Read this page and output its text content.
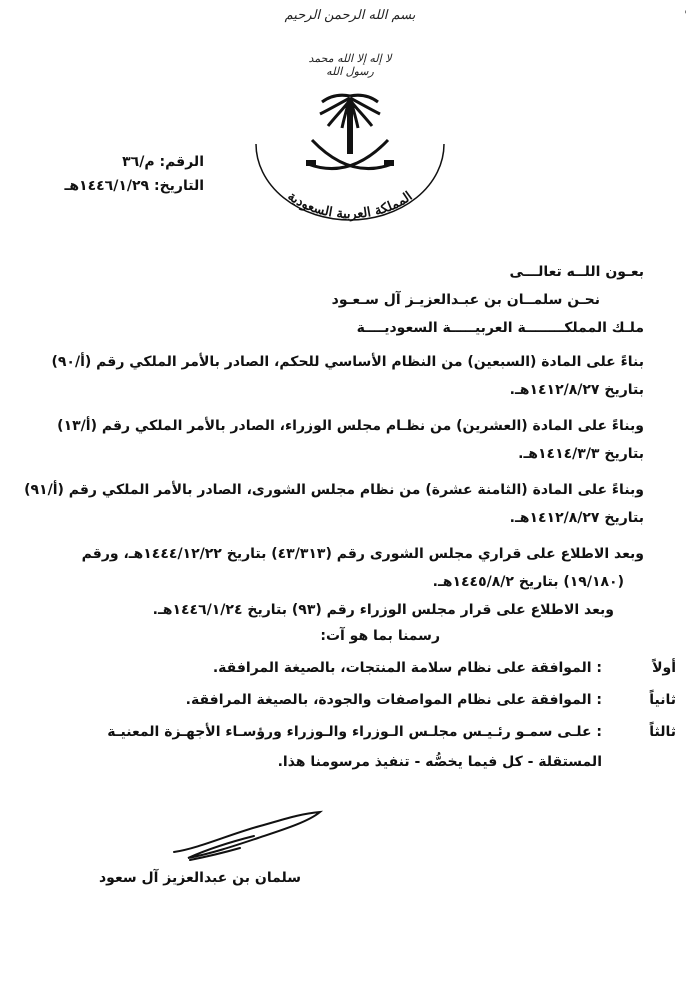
بسم الله الرحمن الرحيم
لا إله إلا الله محمد رسول الله
'
المملكة العربية السعودية
الرقم: م/٣٦
التاريخ: ١٤٤٦/١/٢٩هـ
بعـون اللــه تعالـــى
نحـن سلمــان بن عبـدالعزيـز آل سـعـود
ملـك المملكــــــــة العربيـــــة السعوديــــة
بناءً على المادة (السبعين) من النظام الأساسي للحكم، الصادر بالأمر الملكي رقم (أ/٩٠)
بتاريخ ١٤١٢/٨/٢٧هـ.
وبناءً على المادة (العشرين) من نظـام مجلس الوزراء، الصادر بالأمر الملكي رقم (أ/١٣)
بتاريخ ١٤١٤/٣/٣هـ.
وبناءً على المادة (الثامنة عشرة) من نظام مجلس الشورى، الصادر بالأمر الملكي رقم (أ/٩١)
بتاريخ ١٤١٢/٨/٢٧هـ.
وبعد الاطلاع على قراري مجلس الشورى رقم (٤٣/٣١٣) بتاريخ ١٤٤٤/١٢/٢٢هـ، ورقم
(١٩/١٨٠) بتاريخ ١٤٤٥/٨/٢هـ.
وبعد الاطلاع على قرار مجلس الوزراء رقم (٩٣) بتاريخ ١٤٤٦/١/٢٤هـ.
رسمنا بما هو آت:
أولاً
: الموافقة على نظام سلامة المنتجات، بالصيغة المرافقة.
ثانياً
: الموافقة على نظام المواصفات والجودة، بالصيغة المرافقة.
ثالثاً
: علـى سمـو رئـيـس مجلـس الـوزراء والـوزراء ورؤسـاء الأجهـزة المعنيـة
المستقلة - كل فيما يخصُّه - تنفيذ مرسومنا هذا.
سلمان بن عبدالعزيز آل سعود
